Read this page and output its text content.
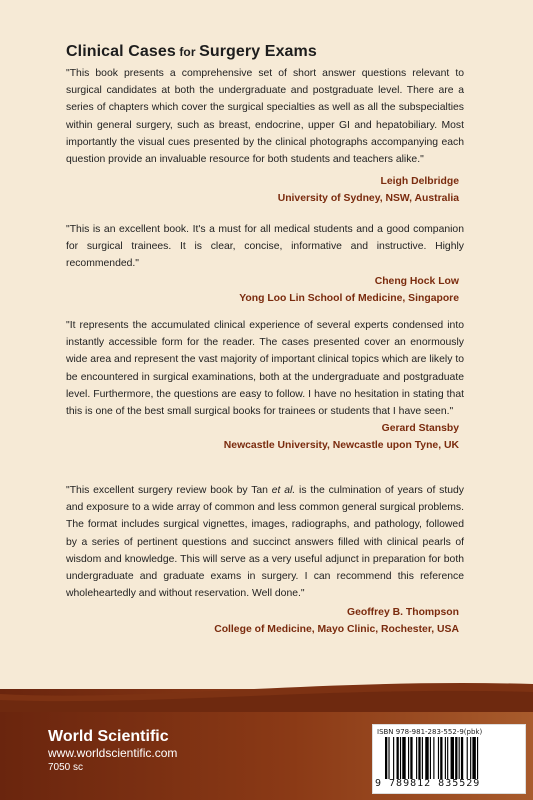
Clinical Cases for Surgery Exams
"This book presents a comprehensive set of short answer questions relevant to surgical candidates at both the undergraduate and postgraduate level. There are a series of chapters which cover the surgical specialties as well as all the subspecialties within general surgery, such as breast, endocrine, upper GI and hepatobiliary. Most importantly the visual cues presented by the clinical photographs accompanying each question provide an invaluable resource for both students and teachers alike."
Leigh Delbridge
University of Sydney, NSW, Australia
"This is an excellent book. It's a must for all medical students and a good companion for surgical trainees. It is clear, concise, informative and instructive. Highly recommended."
Cheng Hock Low
Yong Loo Lin School of Medicine, Singapore
"It represents the accumulated clinical experience of several experts condensed into instantly accessible form for the reader. The cases presented cover an enormously wide area and represent the vast majority of important clinical topics which are likely to be encountered in surgical examinations, both at the undergraduate and postgraduate level. Furthermore, the questions are easy to follow. I have no hesitation in stating that this is one of the best small surgical books for trainees or students that I have seen."
Gerard Stansby
Newcastle University, Newcastle upon Tyne, UK
"This excellent surgery review book by Tan et al. is the culmination of years of study and exposure to a wide array of common and less common general surgical problems. The format includes surgical vignettes, images, radiographs, and pathology, followed by a series of pertinent questions and succinct answers filled with clinical pearls of wisdom and knowledge. This will serve as a very useful adjunct in preparation for both undergraduate and graduate exams in surgery. I can recommend this reference wholeheartedly and without reservation. Well done."
Geoffrey B. Thompson
College of Medicine, Mayo Clinic, Rochester, USA
World Scientific
www.worldscientific.com
7050 sc
ISBN 978-981-283-552-9(pbk)
9 789812 835529
